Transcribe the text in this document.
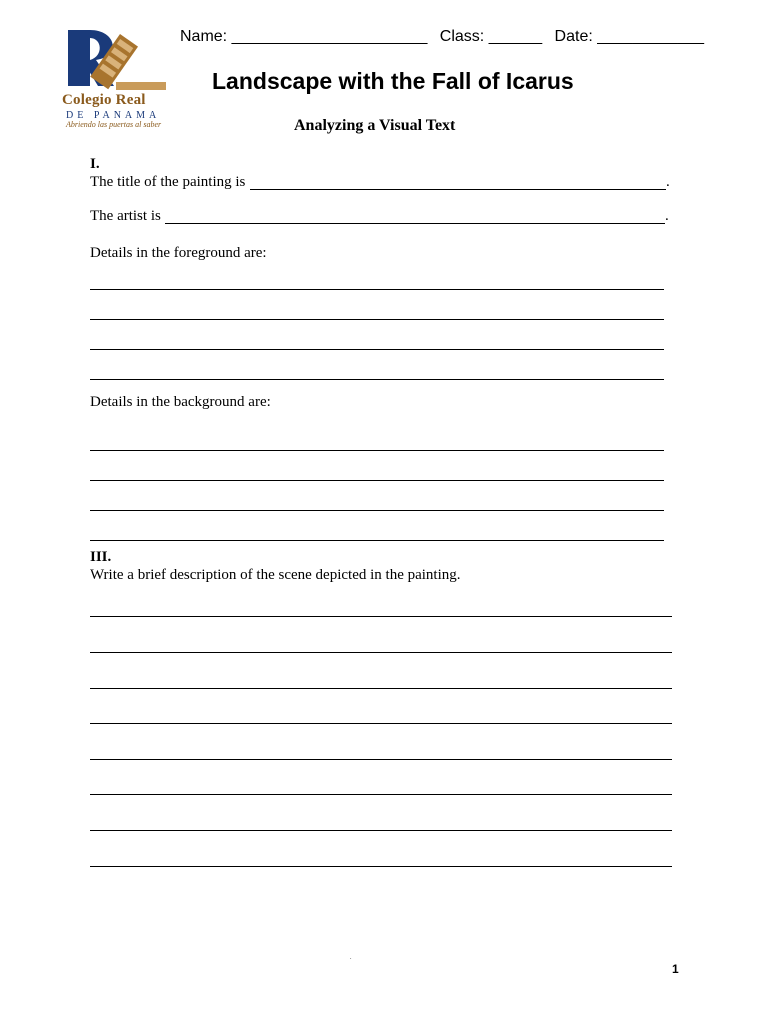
Colegio Real
DE PANAMA
Abriendo las puertas al saber
Name: ______________________ Class: ______ Date: ____________
Landscape with the Fall of Icarus
Analyzing a Visual Text
I.
The title of the painting is	.
The artist is	.
Details in the foreground are:
Details in the background are:
III.
Write a brief description of the scene depicted in the painting.
.
1
